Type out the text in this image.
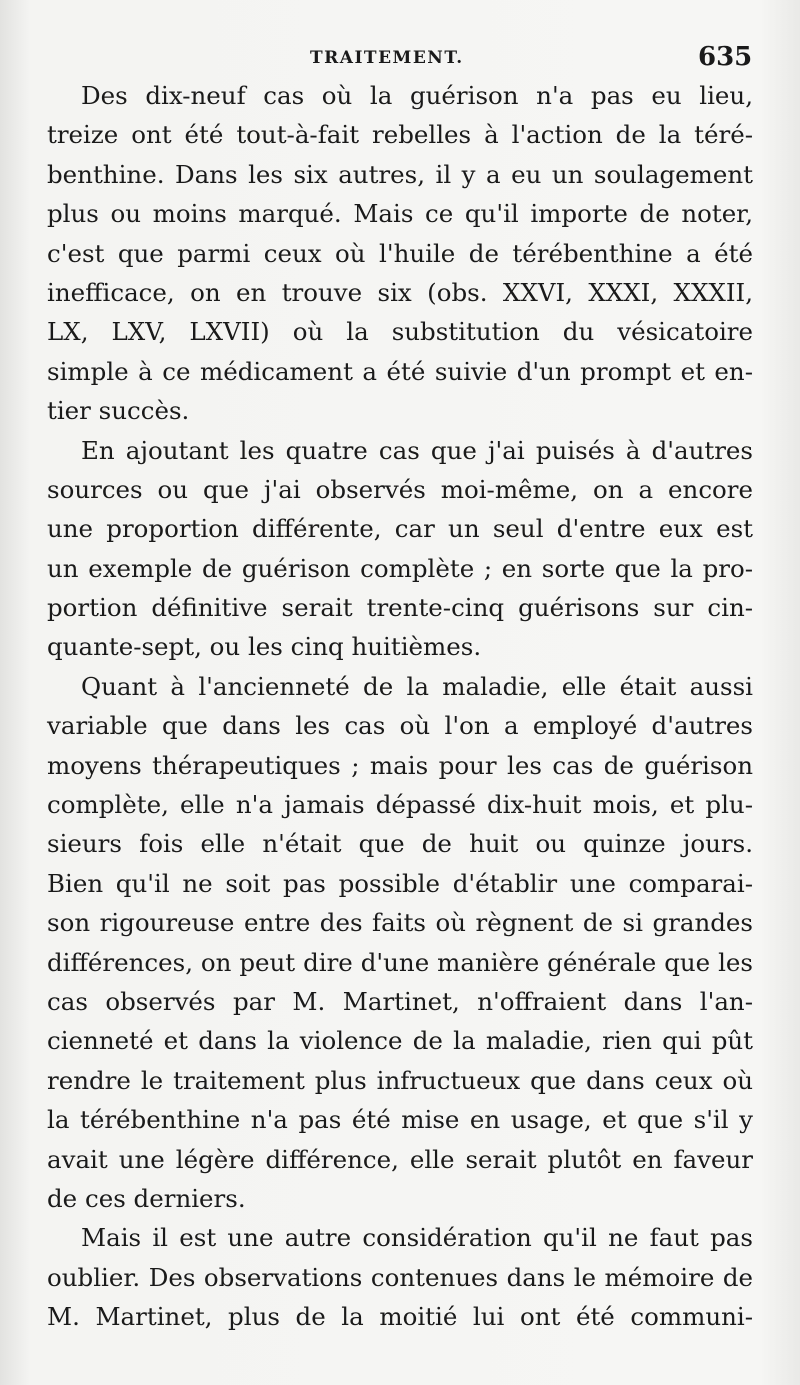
TRAITEMENT.	635
Des dix-neuf cas où la guérison n'a pas eu lieu,
treize ont été tout-à-fait rebelles à l'action de la téré-
benthine. Dans les six autres, il y a eu un soulagement
plus ou moins marqué. Mais ce qu'il importe de noter,
c'est que parmi ceux où l'huile de térébenthine a été
inefficace, on en trouve six (obs. XXVI, XXXI, XXXII,
LX, LXV, LXVII) où la substitution du vésicatoire
simple à ce médicament a été suivie d'un prompt et en-
tier succès.
En ajoutant les quatre cas que j'ai puisés à d'autres
sources ou que j'ai observés moi-même, on a encore
une proportion différente, car un seul d'entre eux est
un exemple de guérison complète ; en sorte que la pro-
portion définitive serait trente-cinq guérisons sur cin-
quante-sept, ou les cinq huitièmes.
Quant à l'ancienneté de la maladie, elle était aussi
variable que dans les cas où l'on a employé d'autres
moyens thérapeutiques ; mais pour les cas de guérison
complète, elle n'a jamais dépassé dix-huit mois, et plu-
sieurs fois elle n'était que de huit ou quinze jours.
Bien qu'il ne soit pas possible d'établir une comparai-
son rigoureuse entre des faits où règnent de si grandes
différences, on peut dire d'une manière générale que les
cas observés par M. Martinet, n'offraient dans l'an-
cienneté et dans la violence de la maladie, rien qui pût
rendre le traitement plus infructueux que dans ceux où
la térébenthine n'a pas été mise en usage, et que s'il y
avait une légère différence, elle serait plutôt en faveur
de ces derniers.
Mais il est une autre considération qu'il ne faut pas
oublier. Des observations contenues dans le mémoire de
M. Martinet, plus de la moitié lui ont été communi-
